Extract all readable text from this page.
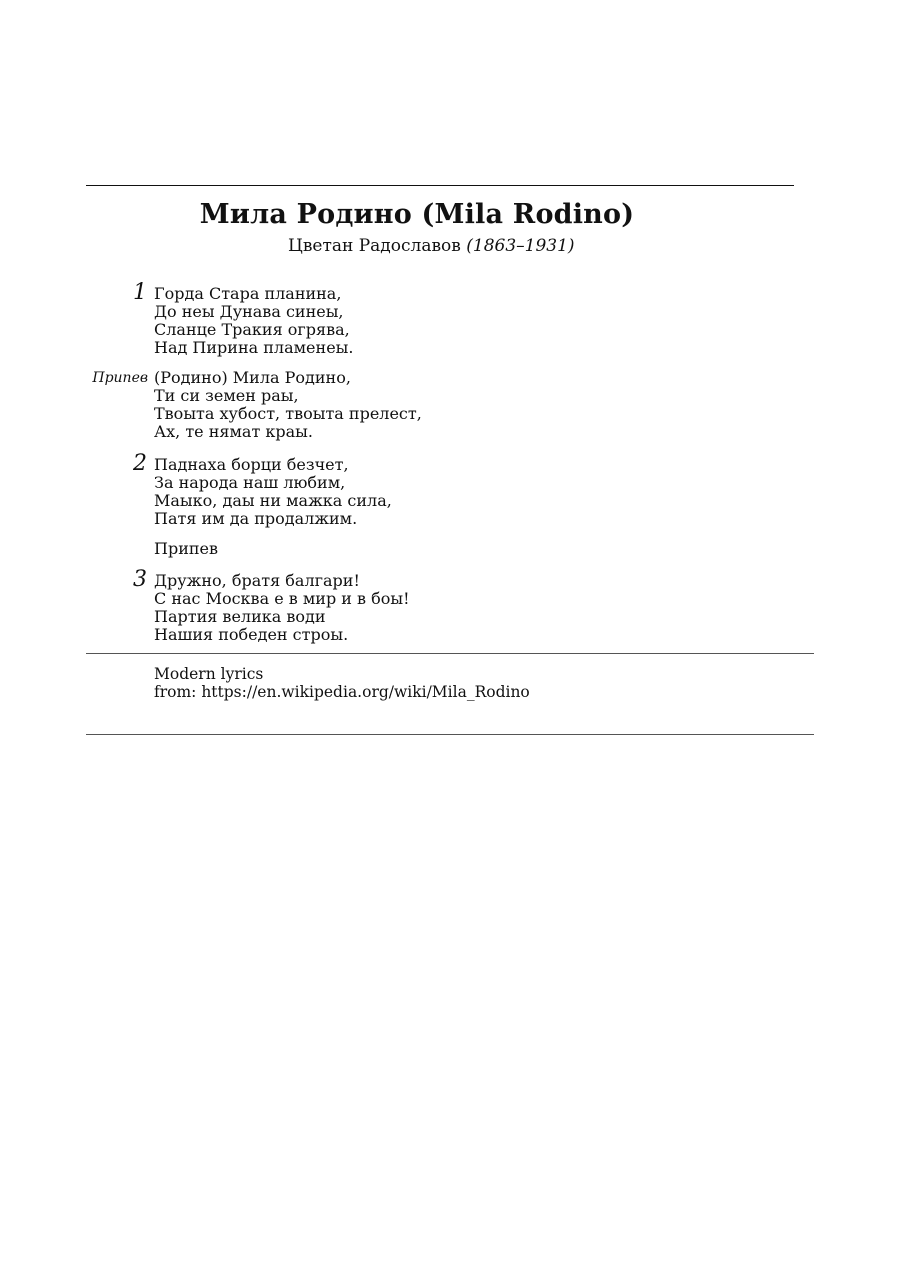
Мила Родино (Mila Rodino)
Цветан Радославов (1863–1931)
1 Горда Стара планина,
До неы Дунава синеы,
Сланце Тракия огрява,
Над Пирина пламенеы.
Припев (Родино) Мила Родино,
Ти си земен раы,
Твоыта хубост, твоыта прелест,
Ах, те нямат краы.
2 Паднаха борци безчет,
За народа наш любим,
Маыко, даы ни мажка сила,
Патя им да продалжим.
Припев
3 Дружно, братя балгари!
С нас Москва е в мир и в боы!
Партия велика води
Нашия победен строы.
Modern lyrics
from: https://en.wikipedia.org/wiki/Mila_Rodino
